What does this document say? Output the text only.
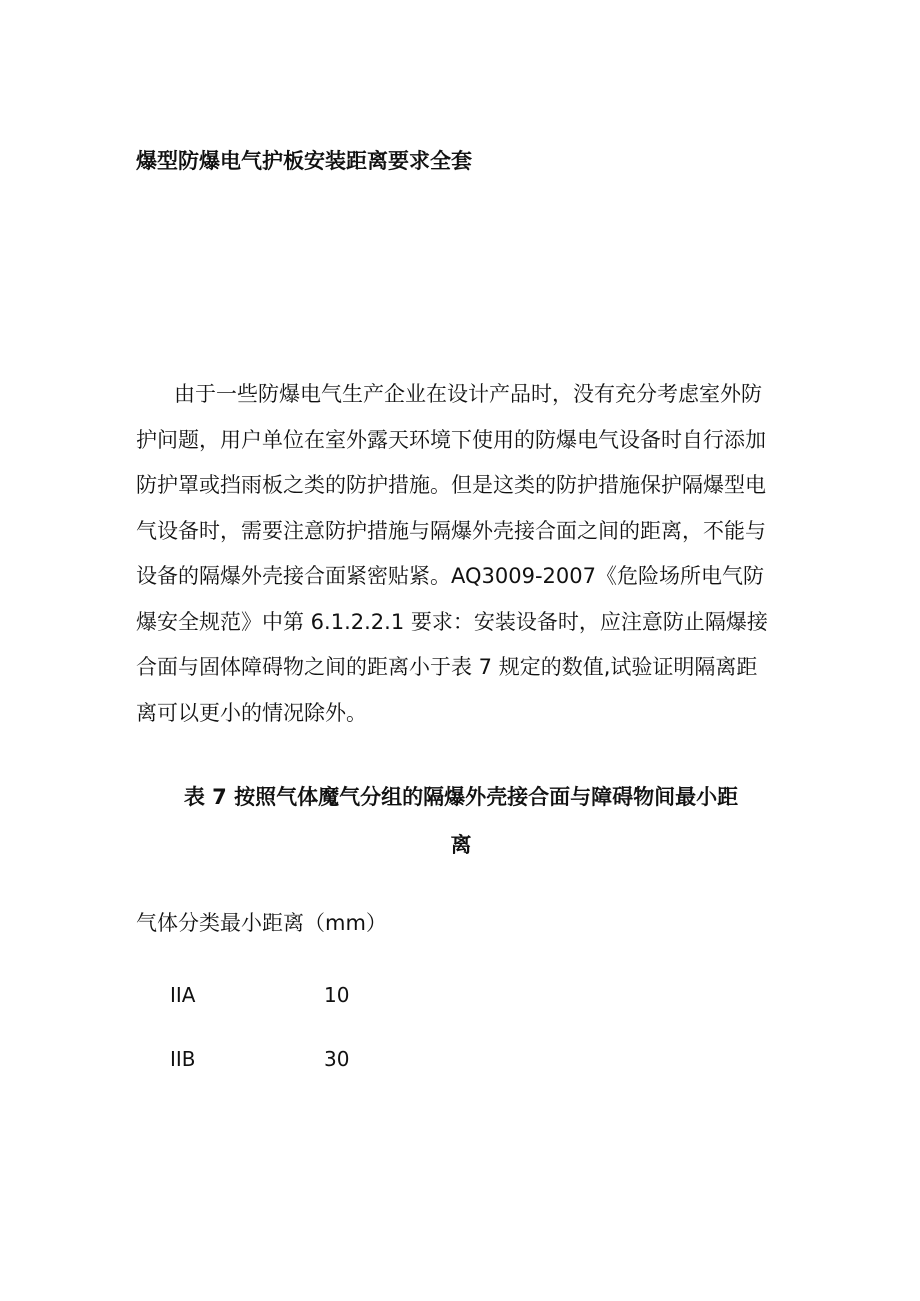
爆型防爆电气护板安装距离要求全套
由于一些防爆电气生产企业在设计产品时，没有充分考虑室外防
护问题，用户单位在室外露天环境下使用的防爆电气设备时自行添加
防护罩或挡雨板之类的防护措施。但是这类的防护措施保护隔爆型电
气设备时，需要注意防护措施与隔爆外壳接合面之间的距离，不能与
设备的隔爆外壳接合面紧密贴紧。AQ3009-2007《危险场所电气防
爆安全规范》中第 6.1.2.2.1 要求：安装设备时，应注意防止隔爆接
合面与固体障碍物之间的距离小于表 7 规定的数值,试验证明隔离距
离可以更小的情况除外。
表 7 按照气体魔气分组的隔爆外壳接合面与障碍物间最小距
离
气体分类最小距离（mm）
IIA	10
IIB	30
